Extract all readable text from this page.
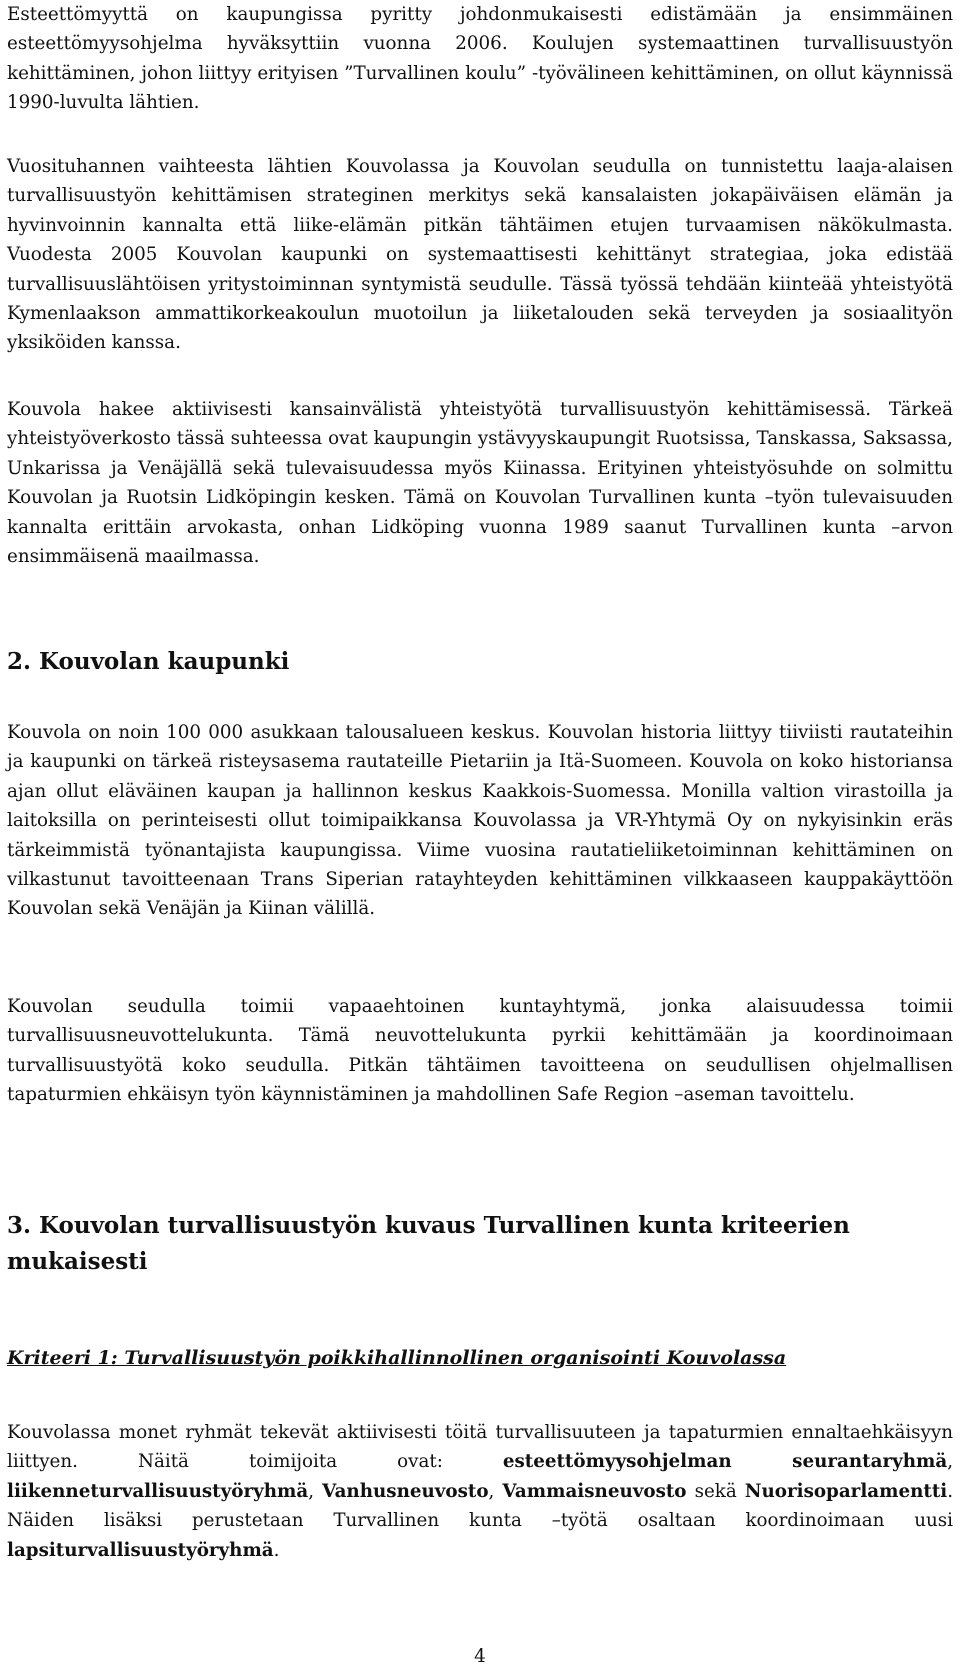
Esteettömyyttä on kaupungissa pyritty johdonmukaisesti edistämään ja ensimmäinen esteettömyysohjelma hyväksyttiin vuonna 2006. Koulujen systemaattinen turvallisuustyön kehittäminen, johon liittyy erityisen ”Turvallinen koulu” -työvälineen kehittäminen, on ollut käynnissä 1990-luvulta lähtien.

Vuosituhannen vaihteesta lähtien Kouvolassa ja Kouvolan seudulla on tunnistettu laaja-alaisen turvallisuustyön kehittämisen strateginen merkitys sekä kansalaisten jokapäiväisen elämän ja hyvinvoinnin kannalta että liike-elämän pitkän tähtäimen etujen turvaamisen näkökulmasta. Vuodesta 2005 Kouvolan kaupunki on systemaattisesti kehittänyt strategiaa, joka edistää turvallisuuslähtöisen yritystoiminnan syntymistä seudulle. Tässä työssä tehdään kiinteää yhteistyötä Kymenlaakson ammattikorkeakoulun muotoilun ja liiketalouden sekä terveyden ja sosiaalityön yksiköiden kanssa.

Kouvola hakee aktiivisesti kansainvälistä yhteistyötä turvallisuustyön kehittämisessä. Tärkeä yhteistyöverkosto tässä suhteessa ovat kaupungin ystävyyskaupungit Ruotsissa, Tanskassa, Saksassa, Unkarissa ja Venäjällä sekä tulevaisuudessa myös Kiinassa. Erityinen yhteistyösuhde on solmittu Kouvolan ja Ruotsin Lidköpingin kesken. Tämä on Kouvolan Turvallinen kunta –työn tulevaisuuden kannalta erittäin arvokasta, onhan Lidköping vuonna 1989 saanut Turvallinen kunta –arvon ensimmäisenä maailmassa.

2. Kouvolan kaupunki

Kouvola on noin 100 000 asukkaan talousalueen keskus. Kouvolan historia liittyy tiiviisti rautateihin ja kaupunki on tärkeä risteysasema rautateille Pietariin ja Itä-Suomeen. Kouvola on koko historiansa ajan ollut eläväinen kaupan ja hallinnon keskus Kaakkois-Suomessa. Monilla valtion virastoilla ja laitoksilla on perinteisesti ollut toimipaikkansa Kouvolassa ja VR-Yhtymä Oy on nykyisinkin eräs tärkeimmistä työnantajista kaupungissa. Viime vuosina rautatieliiketoiminnan kehittäminen on vilkastunut tavoitteenaan Trans Siperian ratayhteyden kehittäminen vilkkaaseen kauppakäyttöön Kouvolan sekä Venäjän ja Kiinan välillä.

Kouvolan seudulla toimii vapaaehtoinen kuntayhtymä, jonka alaisuudessa toimii turvallisuusneuvottelukunta. Tämä neuvottelukunta pyrkii kehittämään ja koordinoimaan turvallisuustyötä koko seudulla. Pitkän tähtäimen tavoitteena on seudullisen ohjelmallisen tapaturmien ehkäisyn työn käynnistäminen ja mahdollinen Safe Region –aseman tavoittelu.

3. Kouvolan turvallisuustyön kuvaus Turvallinen kunta kriteerien mukaisesti
Kriteeri 1: Turvallisuustyön poikkihallinnollinen organisointi Kouvolassa

Kouvolassa monet ryhmät tekevät aktiivisesti töitä turvallisuuteen ja tapaturmien ennaltaehkäisyyn liittyen. Näitä toimijoita ovat: esteettömyysohjelman seurantaryhmä, liikenneturvallisuustyöryhmä, Vanhusneuvosto, Vammaisneuvosto sekä Nuorisoparlamentti. Näiden lisäksi perustetaan Turvallinen kunta –työtä osaltaan koordinoimaan uusi lapsiturvallisuustyöryhmä.

4
